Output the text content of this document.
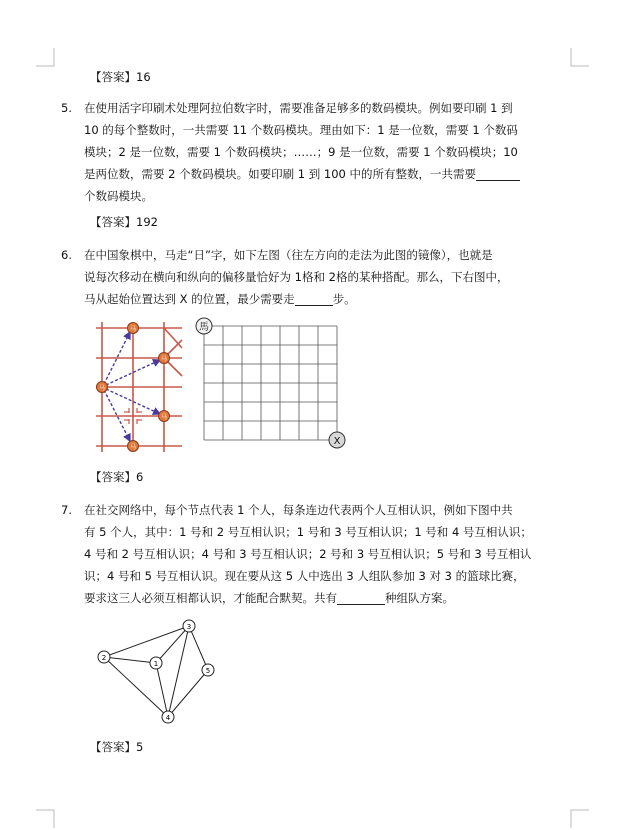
【答案】16
5. 在使用活字印刷术处理阿拉伯数字时，需要准备足够多的数码模块。例如要印刷 1 到
10 的每个整数时，一共需要 11 个数码模块。理由如下：1 是一位数，需要 1 个数码
模块；2 是一位数，需要 1 个数码模块；……；9 是一位数，需要 1 个数码模块；10
是两位数，需要 2 个数码模块。如要印刷 1 到 100 中的所有整数，一共需要
个数码模块。
【答案】192
6. 在中国象棋中，马走“日”字，如下左图（往左方向的走法为此图的镜像），也就是
说每次移动在横向和纵向的偏移量恰好为 1格和 2格的某种搭配。那么，下右图中，
马从起始位置达到 X 的位置，最少需要走	步。
马
马
马
马
马
馬
X
【答案】6
7. 在社交网络中，每个节点代表 1 个人，每条连边代表两个人互相认识，例如下图中共
有 5 个人，其中：1 号和 2 号互相认识；1 号和 3 号互相认识；1 号和 4 号互相认识；
4 号和 2 号互相认识；4 号和 3 号互相认识；2 号和 3 号互相认识；5 号和 3 号互相认
识；4 号和 5 号互相认识。现在要从这 5 人中选出 3 人组队参加 3 对 3 的篮球比赛，
要求这三人必须互相都认识，才能配合默契。共有	种组队方案。
1
2
3
4
5
【答案】5
